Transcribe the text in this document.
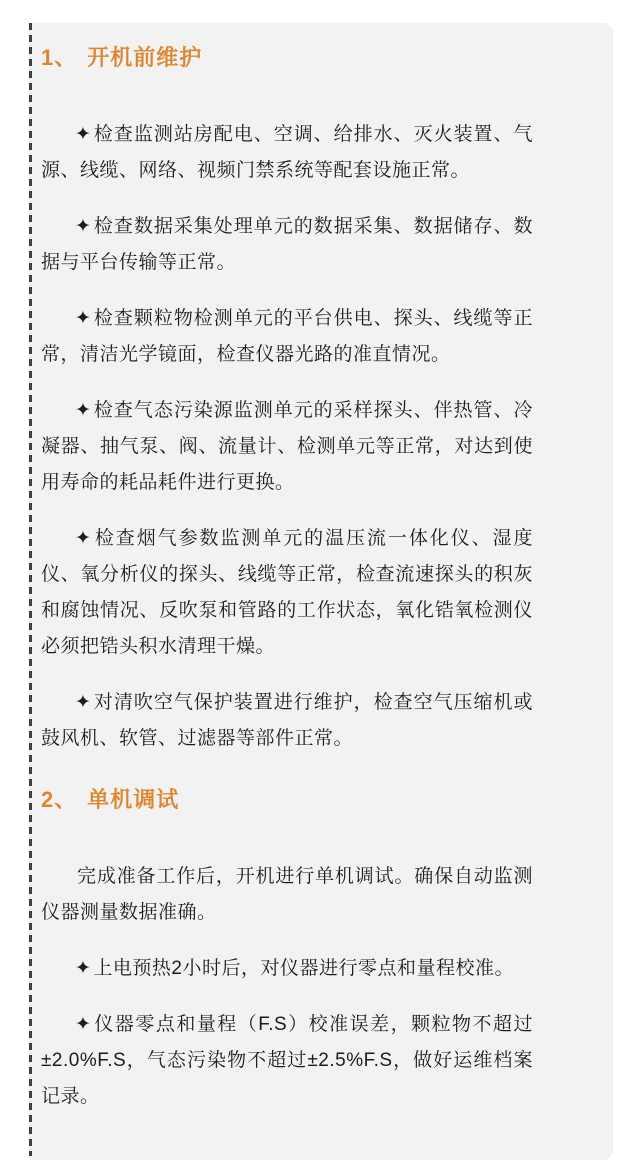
1、 开机前维护

✦ 检查监测站房配电、空调、给排水、灭火装置、气源、线缆、网络、视频门禁系统等配套设施正常。

✦ 检查数据采集处理单元的数据采集、数据储存、数据与平台传输等正常。

✦ 检查颗粒物检测单元的平台供电、探头、线缆等正常，清洁光学镜面，检查仪器光路的准直情况。

✦ 检查气态污染源监测单元的采样探头、伴热管、冷凝器、抽气泵、阀、流量计、检测单元等正常，对达到使用寿命的耗品耗件进行更换。

✦ 检查烟气参数监测单元的温压流一体化仪、湿度仪、氧分析仪的探头、线缆等正常，检查流速探头的积灰和腐蚀情况、反吹泵和管路的工作状态，氧化锆氧检测仪必须把锆头积水清理干燥。

✦ 对清吹空气保护装置进行维护，检查空气压缩机或鼓风机、软管、过滤器等部件正常。

2、 单机调试

完成准备工作后，开机进行单机调试。确保自动监测仪器测量数据准确。

✦ 上电预热2小时后，对仪器进行零点和量程校准。

✦ 仪器零点和量程（F.S）校准误差，颗粒物不超过±2.0%F.S，气态污染物不超过±2.5%F.S，做好运维档案记录。
